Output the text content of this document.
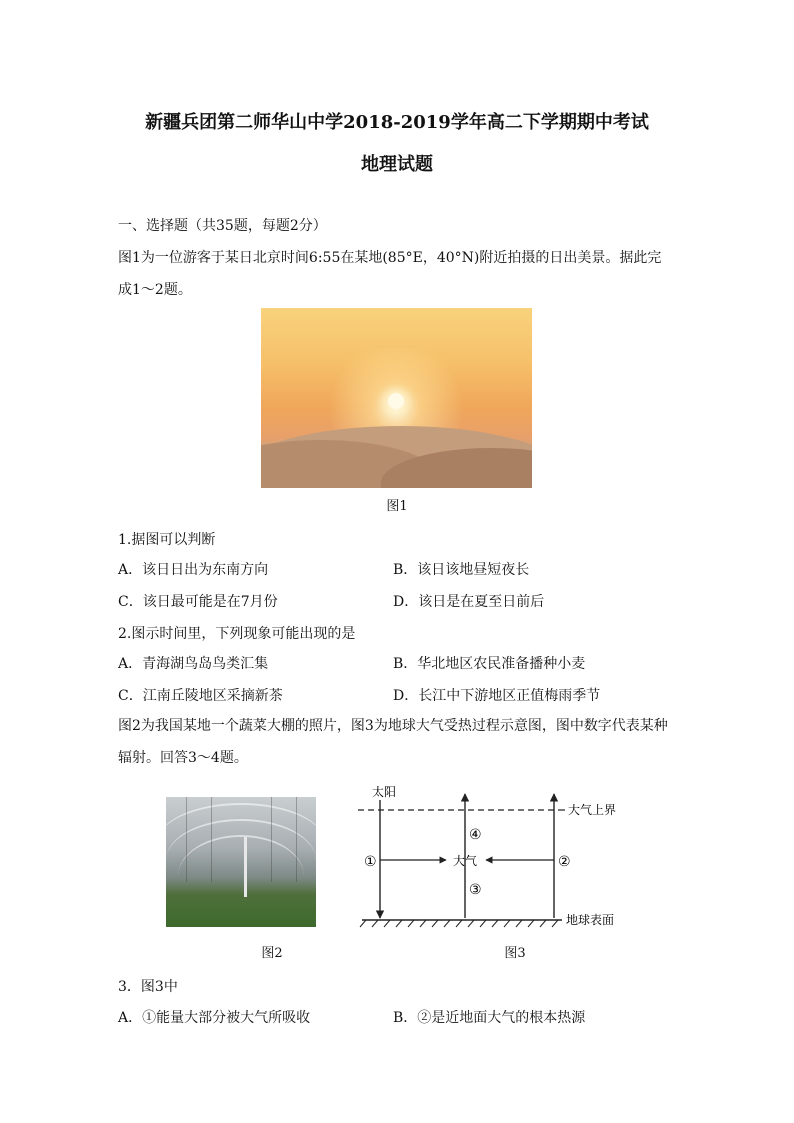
新疆兵团第二师华山中学2018-2019学年高二下学期期中考试
地理试题
一、选择题（共35题，每题2分）
图1为一位游客于某日北京时间6:55在某地(85°E，40°N)附近拍摄的日出美景。据此完
成1～2题。
图1
1.据图可以判断
A．该日日出为东南方向	B．该日该地昼短夜长
C．该日最可能是在7月份	D．该日是在夏至日前后
2.图示时间里，下列现象可能出现的是
A．青海湖鸟岛鸟类汇集	B．华北地区农民准备播种小麦
C．江南丘陵地区采摘新茶	D．长江中下游地区正值梅雨季节
图2为我国某地一个蔬菜大棚的照片，图3为地球大气受热过程示意图，图中数字代表某种
辐射。回答3～4题。
图2
太阳
大气上界
大气
地球表面
①	②
③
④
图3
3．图3中
A．①能量大部分被大气所吸收	B．②是近地面大气的根本热源
